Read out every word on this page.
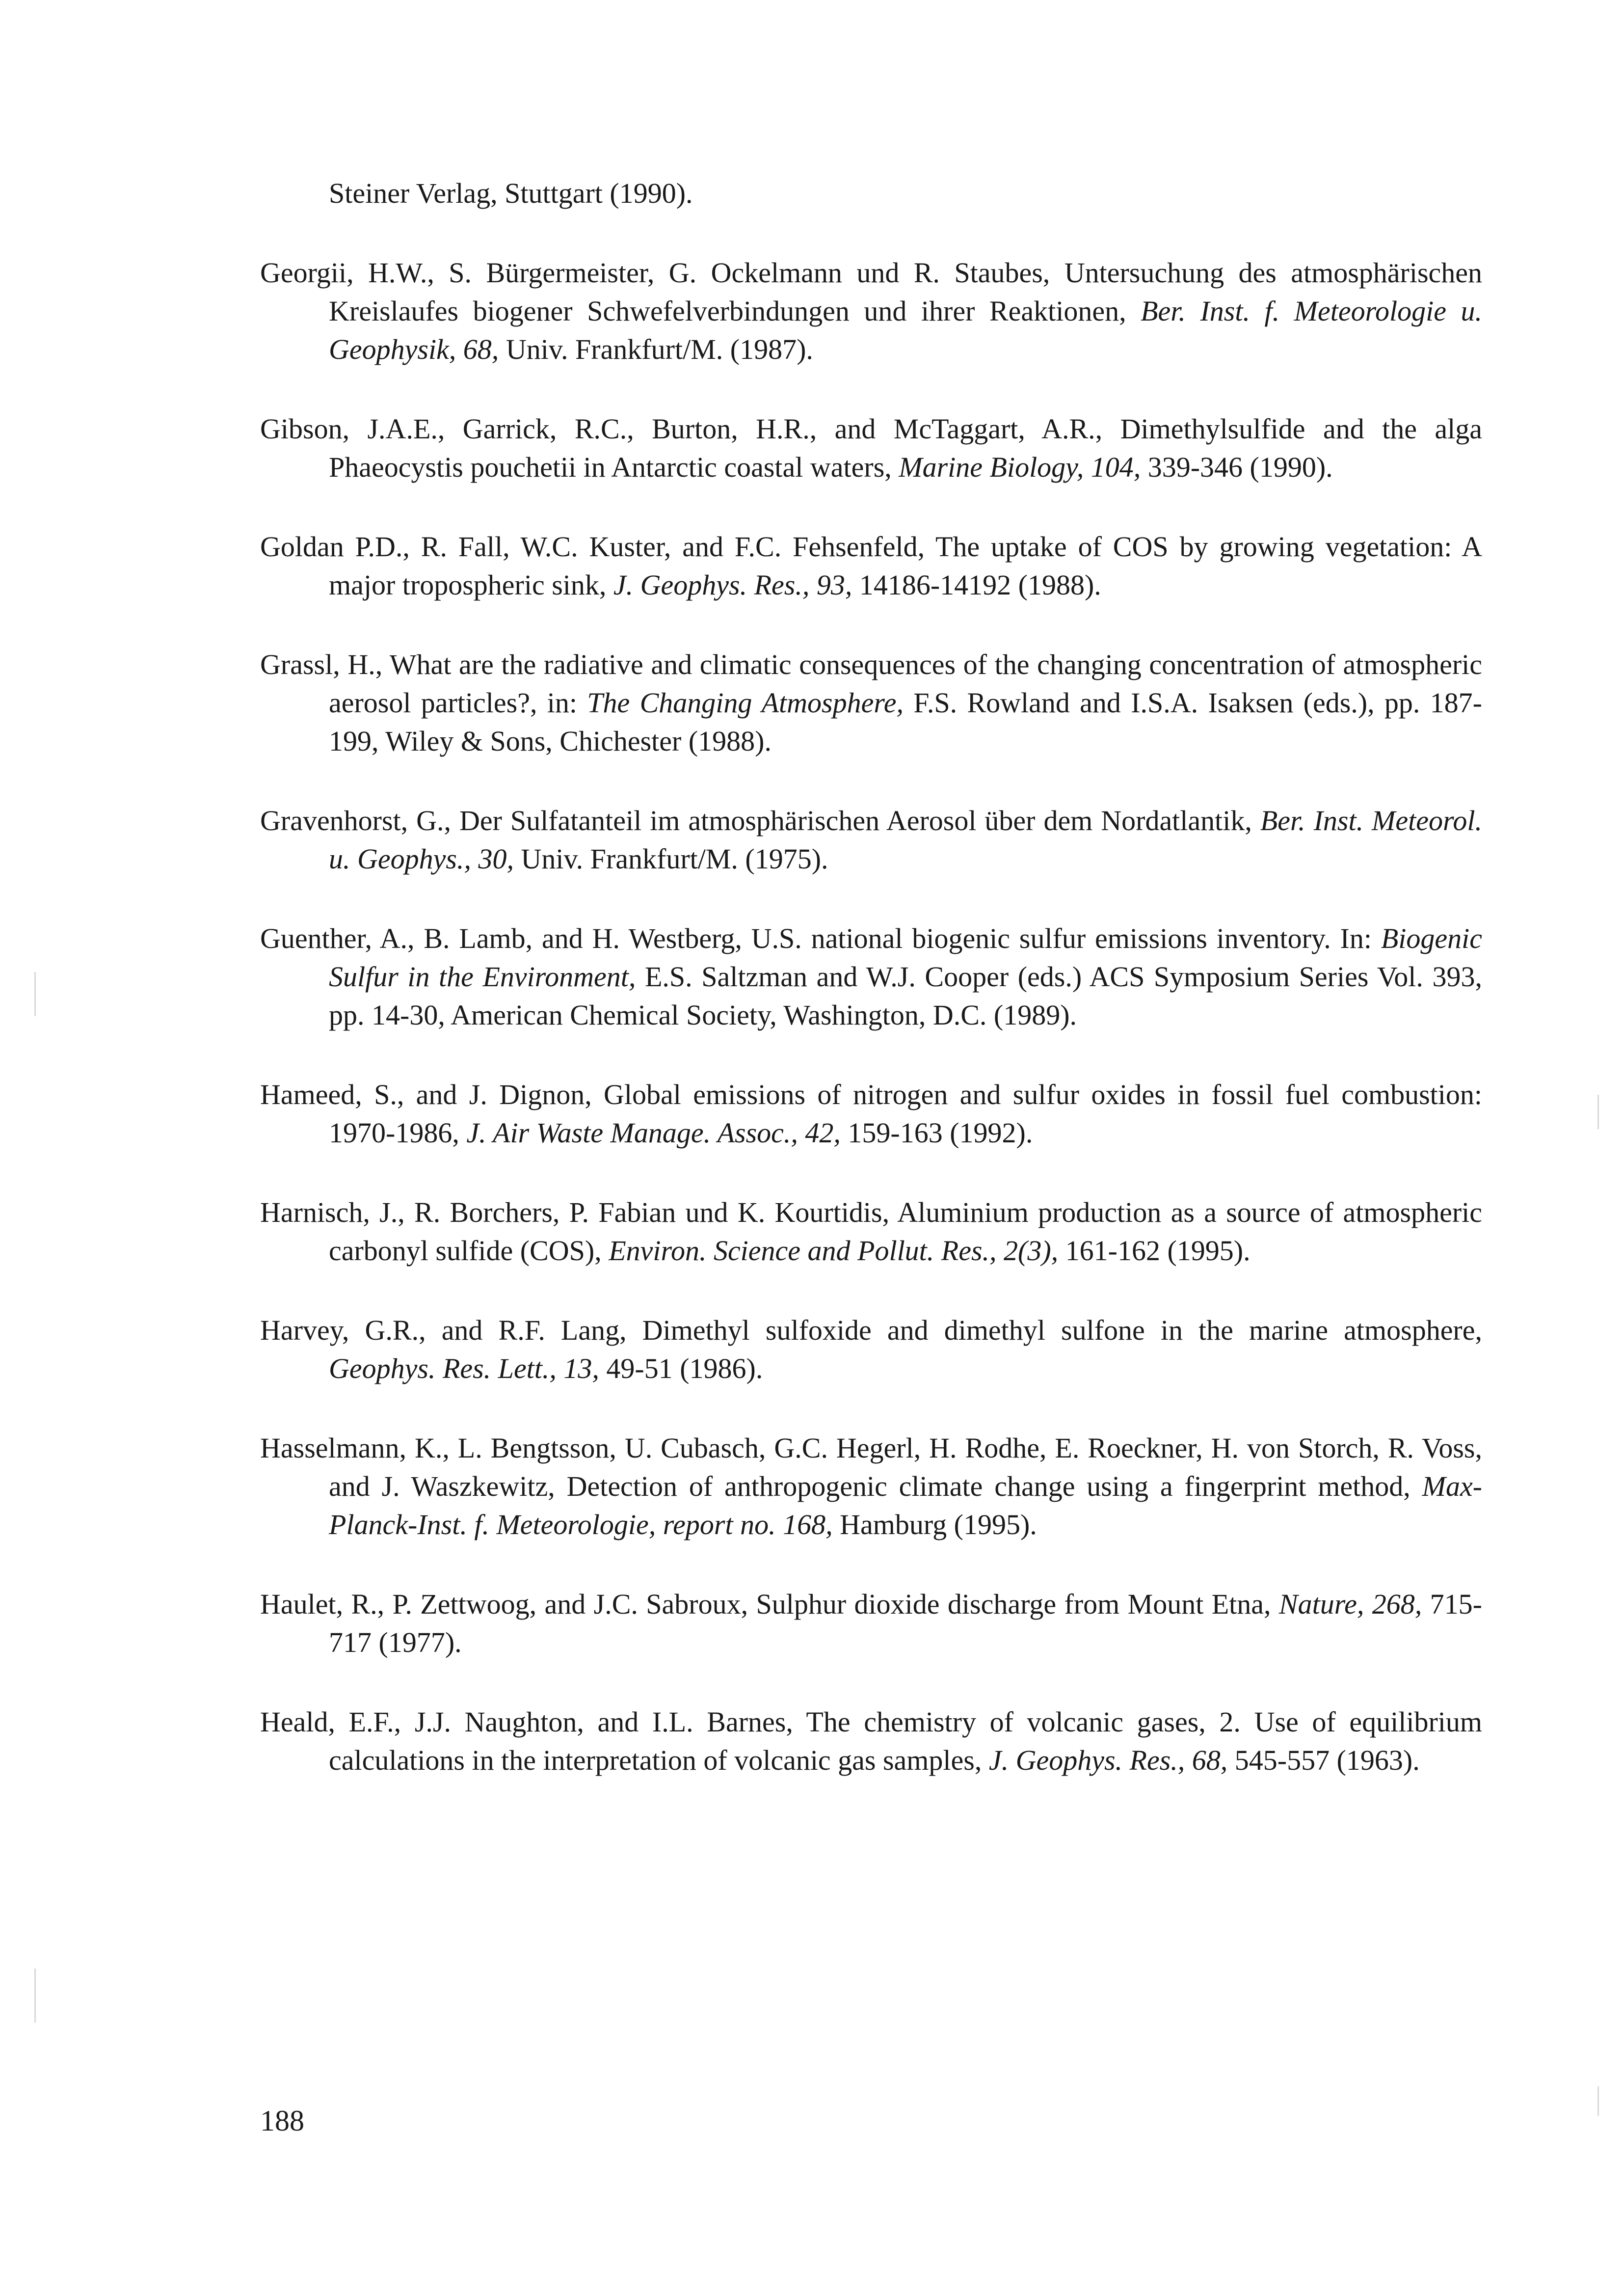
Steiner Verlag, Stuttgart (1990).

Georgii, H.W., S. Bürgermeister, G. Ockelmann und R. Staubes, Untersuchung des atmosphärischen Kreislaufes biogener Schwefelverbindungen und ihrer Reaktionen, Ber. Inst. f. Meteorologie u. Geophysik, 68, Univ. Frankfurt/M. (1987).

Gibson, J.A.E., Garrick, R.C., Burton, H.R., and McTaggart, A.R., Dimethylsulfide and the alga Phaeocystis pouchetii in Antarctic coastal waters, Marine Biology, 104, 339-346 (1990).

Goldan P.D., R. Fall, W.C. Kuster, and F.C. Fehsenfeld, The uptake of COS by growing vegetation: A major tropospheric sink, J. Geophys. Res., 93, 14186-14192 (1988).

Grassl, H., What are the radiative and climatic consequences of the changing concentration of atmospheric aerosol particles?, in: The Changing Atmosphere, F.S. Rowland and I.S.A. Isaksen (eds.), pp. 187-199, Wiley & Sons, Chichester (1988).

Gravenhorst, G., Der Sulfatanteil im atmosphärischen Aerosol über dem Nordatlantik, Ber. Inst. Meteorol. u. Geophys., 30, Univ. Frankfurt/M. (1975).

Guenther, A., B. Lamb, and H. Westberg, U.S. national biogenic sulfur emissions inventory. In: Biogenic Sulfur in the Environment, E.S. Saltzman and W.J. Cooper (eds.) ACS Symposium Series Vol. 393, pp. 14-30, American Chemical Society, Washington, D.C. (1989).

Hameed, S., and J. Dignon, Global emissions of nitrogen and sulfur oxides in fossil fuel combustion: 1970-1986, J. Air Waste Manage. Assoc., 42, 159-163 (1992).

Harnisch, J., R. Borchers, P. Fabian und K. Kourtidis, Aluminium production as a source of atmospheric carbonyl sulfide (COS), Environ. Science and Pollut. Res., 2(3), 161-162 (1995).

Harvey, G.R., and R.F. Lang, Dimethyl sulfoxide and dimethyl sulfone in the marine atmosphere, Geophys. Res. Lett., 13, 49-51 (1986).

Hasselmann, K., L. Bengtsson, U. Cubasch, G.C. Hegerl, H. Rodhe, E. Roeckner, H. von Storch, R. Voss, and J. Waszkewitz, Detection of anthropogenic climate change using a fingerprint method, Max-Planck-Inst. f. Meteorologie, report no. 168, Hamburg (1995).

Haulet, R., P. Zettwoog, and J.C. Sabroux, Sulphur dioxide discharge from Mount Etna, Nature, 268, 715-717 (1977).

Heald, E.F., J.J. Naughton, and I.L. Barnes, The chemistry of volcanic gases, 2. Use of equilibrium calculations in the interpretation of volcanic gas samples, J. Geophys. Res., 68, 545-557 (1963).

188
